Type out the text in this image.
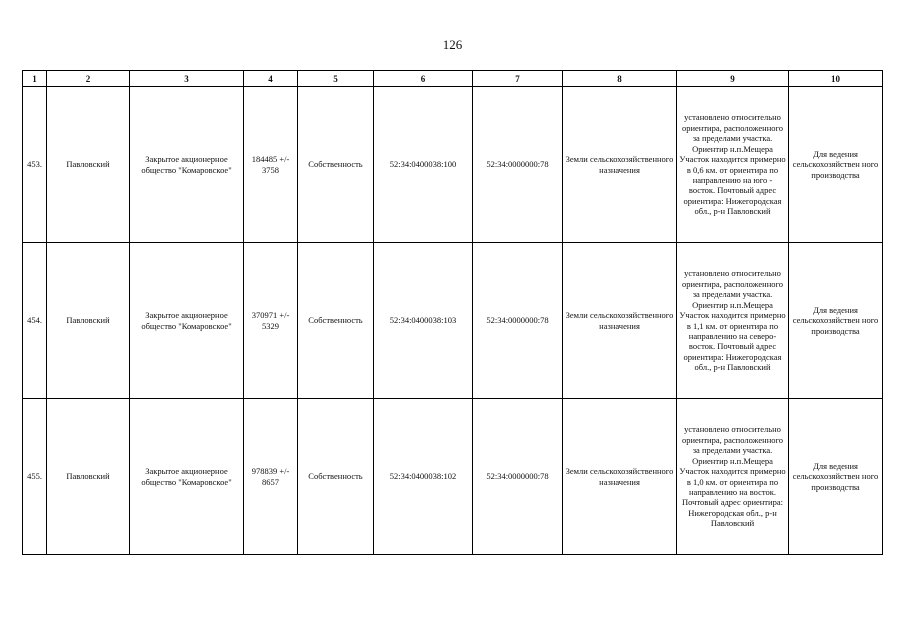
126
1	2	3	4	5	6	7	8	9	10
453.	Павловский	Закрытое акционерное общество "Комаровское"	184485 +/- 3758	Собственность	52:34:0400038:100	52:34:0000000:78	Земли сельскохозяйственного назначения	установлено относительно ориентира, расположенного за пределами участка. Ориентир н.п.Мещера Участок находится примерно в 0,6 км. от ориентира по направлению на юго - восток. Почтовый адрес ориентира: Нижегородская обл., р-н Павловский	Для ведения сельскохозяйствен ного производства
454.	Павловский	Закрытое акционерное общество "Комаровское"	370971 +/- 5329	Собственность	52:34:0400038:103	52:34:0000000:78	Земли сельскохозяйственного назначения	установлено относительно ориентира, расположенного за пределами участка. Ориентир н.п.Мещера Участок находится примерно в 1,1 км. от ориентира по направлению на северо-восток. Почтовый адрес ориентира: Нижегородская обл., р-н Павловский	Для ведения сельскохозяйствен ного производства
455.	Павловский	Закрытое акционерное общество "Комаровское"	978839 +/- 8657	Собственность	52:34:0400038:102	52:34:0000000:78	Земли сельскохозяйственного назначения	установлено относительно ориентира, расположенного за пределами участка. Ориентир н.п.Мещера Участок находится примерно в 1,0 км. от ориентира по направлению на восток. Почтовый адрес ориентира: Нижегородская обл., р-н Павловский	Для ведения сельскохозяйствен ного производства
